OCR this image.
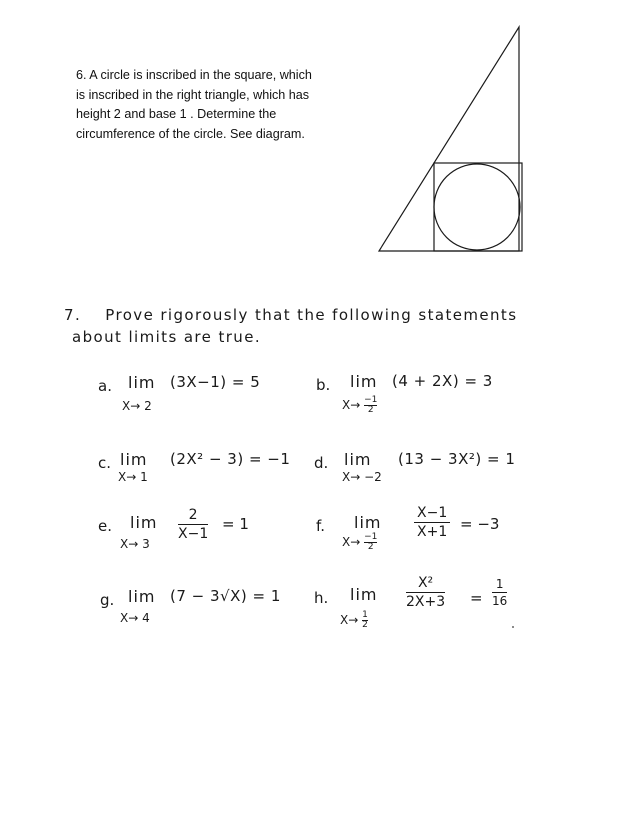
6. A circle is inscribed in the square, which
is inscribed in the right triangle, which has
height 2 and base 1 . Determine the
circumference of the circle. See diagram.
7. Prove rigorously that the following statements
about limits are true.
a. lim
X→ 2
(3X−1) = 5	b. lim
$X\to \frac{-1}{2}$
(4 + 2X) = 3
c. lim
X→ 1
(2X² − 3) = −1 d. lim
X→ −2
(13 − 3X²) = 1
e. lim
X→ 3
$\frac{2}{X-1} = 1$	f. lim
$X\to \frac{-1}{2}$
$\frac{X-1}{X+1} = -3$
g. lim
X→ 4
(7 − 3√X) = 1 h. lim
$X\to \frac{1}{2}$
$\frac{\text{X²}}{2X+3} = \frac{1}{16}$
